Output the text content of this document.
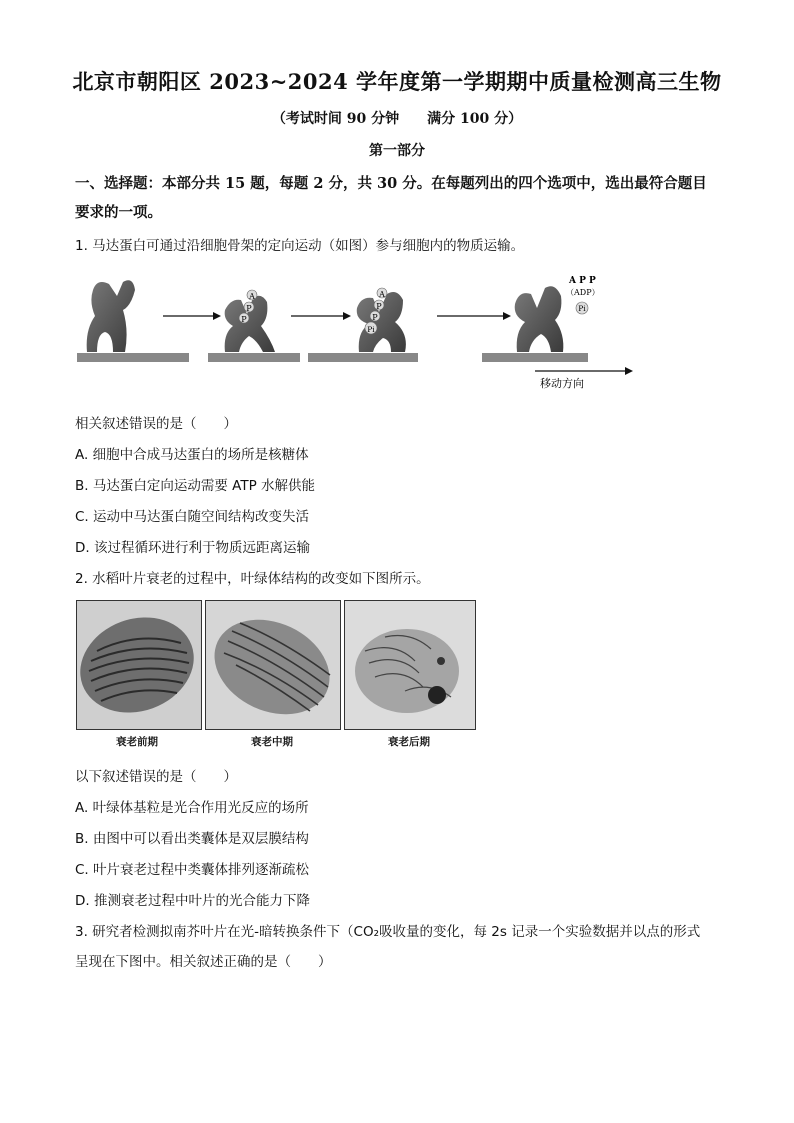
北京市朝阳区 2023~2024 学年度第一学期期中质量检测高三生物
（考试时间 90 分钟　　满分 100 分）
第一部分
一、选择题：本部分共 15 题，每题 2 分，共 30 分。在每题列出的四个选项中，选出最符合题目要求的一项。
1. 马达蛋白可通过沿细胞骨架的定向运动（如图）参与细胞内的物质运输。
A
P
P
A
P
P
Pi
A P P
（ADP）
Pi
移动方向
相关叙述错误的是（　　）
A. 细胞中合成马达蛋白的场所是核糖体
B. 马达蛋白定向运动需要 ATP 水解供能
C. 运动中马达蛋白随空间结构改变失活
D. 该过程循环进行利于物质远距离运输
2. 水稻叶片衰老的过程中，叶绿体结构的改变如下图所示。
衰老前期	衰老中期	衰老后期
以下叙述错误的是（　　）
A. 叶绿体基粒是光合作用光反应的场所
B. 由图中可以看出类囊体是双层膜结构
C. 叶片衰老过程中类囊体排列逐渐疏松
D. 推测衰老过程中叶片的光合能力下降
3. 研究者检测拟南芥叶片在光-暗转换条件下（CO₂吸收量的变化，每 2s 记录一个实验数据并以点的形式
呈现在下图中。相关叙述正确的是（　　）
